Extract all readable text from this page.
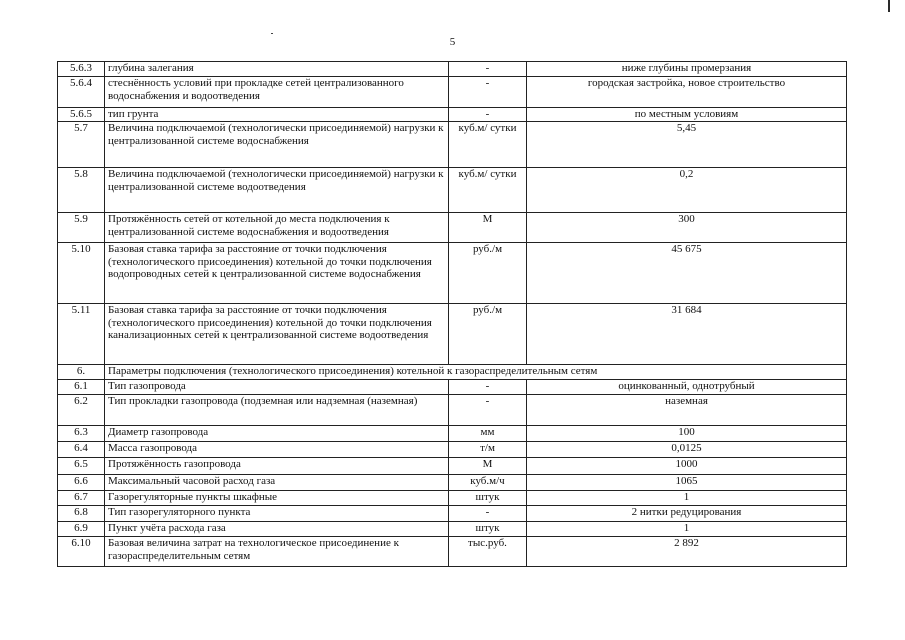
5
5.6.3	глубина залегания	-	ниже глубины промерзания
5.6.4	стеснённость условий при прокладке сетей централизованного водоснабжения и водоотведения	-	городская застройка, новое строительство
5.6.5	тип грунта	-	по местным условиям
5.7	Величина подключаемой (технологически присоединяемой) нагрузки к централизованной системе водоснабжения	куб.м/ сутки	5,45
5.8	Величина подключаемой (технологически присоединяемой) нагрузки к централизованной системе водоотведения	куб.м/ сутки	0,2
5.9	Протяжённость сетей от котельной до места подключения к централизованной системе водоснабжения и водоотведения	М	300
5.10	Базовая ставка тарифа за расстояние от точки подключения (технологического присоединения) котельной до точки подключения водопроводных сетей к централизованной системе водоснабжения	руб./м	45 675
5.11	Базовая ставка тарифа за расстояние от точки подключения (технологического присоединения) котельной до точки подключения канализационных сетей к централизованной системе водоотведения	руб./м	31 684
6.	Параметры подключения (технологического присоединения) котельной к газораспределительным сетям		
6.1	Тип газопровода	-	оцинкованный, однотрубный
6.2	Тип прокладки газопровода (подземная или надземная (наземная)	-	наземная
6.3	Диаметр газопровода	мм	100
6.4	Масса газопровода	т/м	0,0125
6.5	Протяжённость газопровода	М	1000
6.6	Максимальный часовой расход газа	куб.м/ч	1065
6.7	Газорегуляторные пункты шкафные	штук	1
6.8	Тип газорегуляторного пункта	-	2 нитки редуцирования
6.9	Пункт учёта расхода газа	штук	1
6.10	Базовая величина затрат на технологическое присоединение к газораспределительным сетям	тыс.руб.	2 892
